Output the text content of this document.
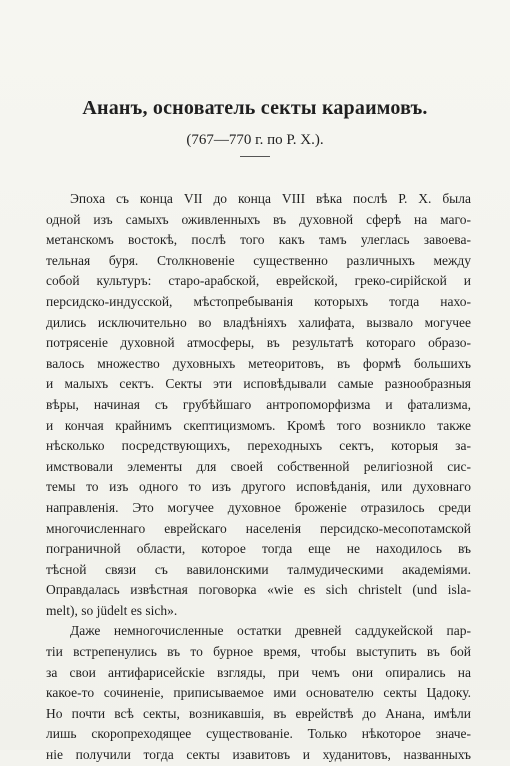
Ананъ, основатель секты караимовъ.
(767—770 г. по Р. Х.).
Эпоха съ конца VII до конца VIII вѣка послѣ Р. Х. была
одной изъ самыхъ оживленныхъ въ духовной сферѣ на маго-
метанскомъ востокѣ, послѣ того какъ тамъ улеглась завоева-
тельная буря. Столкновеніе существенно различныхъ между
собой культуръ: старо-арабской, еврейской, греко-сирійской и
персидско-индусской, мѣстопребыванія которыхъ тогда нахо-
дились исключительно во владѣніяхъ халифата, вызвало могучее
потрясеніе духовной атмосферы, въ результатѣ котораго образо-
валось множество духовныхъ метеоритовъ, въ формѣ большихъ
и малыхъ сектъ. Секты эти исповѣдывали самые разнообразныя
вѣры, начиная съ грубѣйшаго антропоморфизма и фатализма,
и кончая крайнимъ скептицизмомъ. Кромѣ того возникло также
нѣсколько посредствующихъ, переходныхъ сектъ, которыя за-
имствовали элементы для своей собственной религіозной сис-
темы то изъ одного то изъ другого исповѣданія, или духовнаго
направленія. Это могучее духовное броженіе отразилось среди
многочисленнаго еврейскаго населенія персидско-месопотамской
пограничной области, которое тогда еще не находилось въ
тѣсной связи съ вавилонскими талмудическими академіями.
Оправдалась извѣстная поговорка «wie es sich christelt (und isla-
melt), so jüdelt es sich».
Даже немногочисленные остатки древней саддукейской пар-
тіи встрепенулись въ то бурное время, чтобы выступить въ бой
за свои антифарисейскіе взгляды, при чемъ они опирались на
какое-то сочиненіе, приписываемое ими основателю секты Цадоку.
Но почти всѣ секты, возникавшія, въ еврействѣ до Анана, имѣли
лишь скоропреходящее существованіе. Только нѣкоторое значе-
ніе получили тогда секты изавитовъ и худанитовъ, названныхъ
